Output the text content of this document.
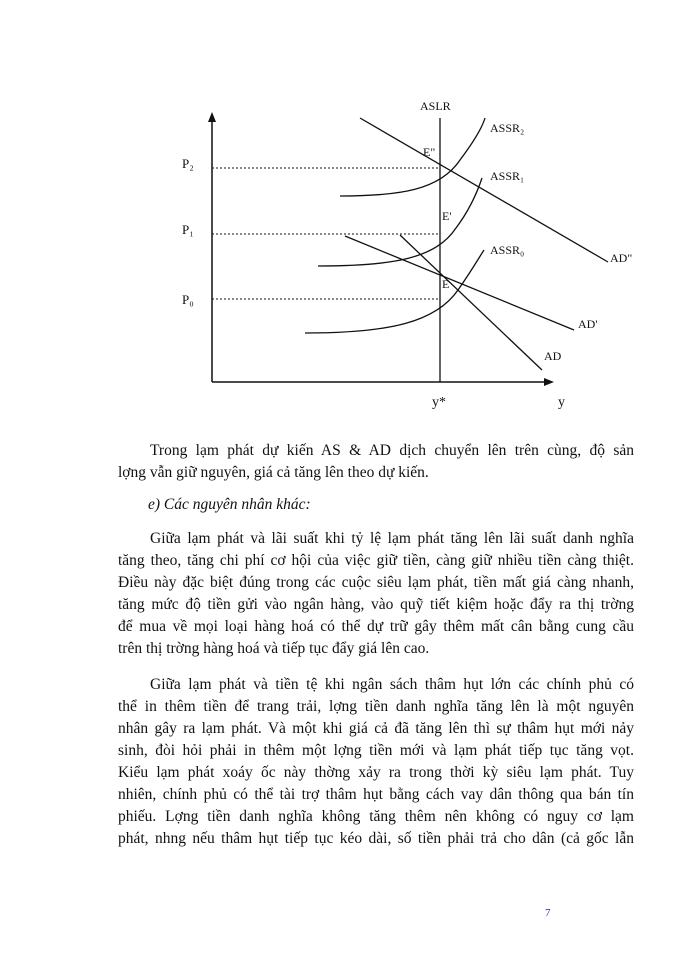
ASLR
ASSR₂
ASSR₁
ASSR₀
P₂
P₁
P₀
E"
E'
E
AD"
AD'
AD
y*	y
Trong lạm phát dự kiến AS & AD dịch chuyển lên trên cùng, độ sản
lợng vẫn giữ nguyên, giá cả tăng lên theo dự kiến.

e) Các nguyên nhân khác:

Giữa lạm phát và lãi suất khi tỷ lệ lạm phát tăng lên lãi suất danh nghĩa
tăng theo, tăng chi phí cơ hội của việc giữ tiền, càng giữ nhiều tiền càng thiệt.
Điều này đặc biệt đúng trong các cuộc siêu lạm phát, tiền mất giá càng nhanh,
tăng mức độ tiền gửi vào ngân hàng, vào quỹ tiết kiệm hoặc đẩy ra thị trờng
để mua về mọi loại hàng hoá có thể dự trữ gây thêm mất cân bằng cung cầu
trên thị trờng hàng hoá và tiếp tục đẩy giá lên cao.
Giữa lạm phát và tiền tệ khi ngân sách thâm hụt lớn các chính phủ có
thể in thêm tiền để trang trải, lợng tiền danh nghĩa tăng lên là một nguyên
nhân gây ra lạm phát. Và một khi giá cả đã tăng lên thì sự thâm hụt mới nảy
sinh, đòi hỏi phải in thêm một lợng tiền mới và lạm phát tiếp tục tăng vọt.
Kiểu lạm phát xoáy ốc này thờng xảy ra trong thời kỳ siêu lạm phát. Tuy
nhiên, chính phủ có thể tài trợ thâm hụt bằng cách vay dân thông qua bán tín
phiếu. Lợng tiền danh nghĩa không tăng thêm nên không có nguy cơ lạm
phát, nhng nếu thâm hụt tiếp tục kéo dài, số tiền phải trả cho dân (cả gốc lẫn
7
